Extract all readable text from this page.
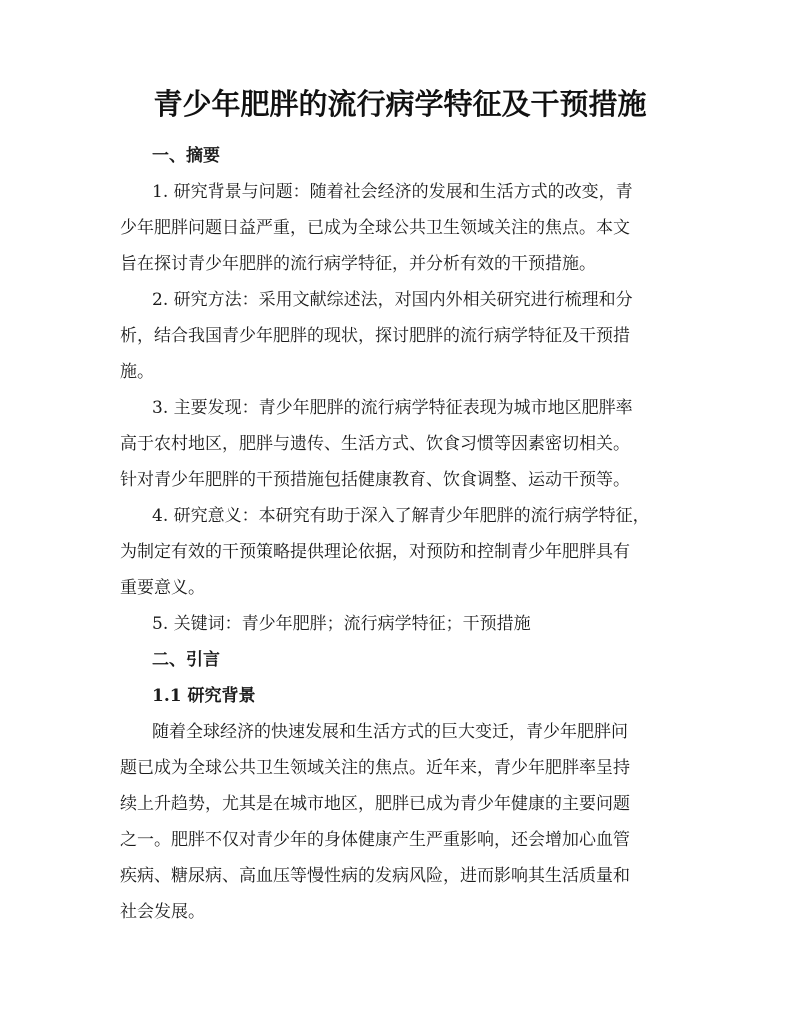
青少年肥胖的流行病学特征及干预措施
一、摘要

1. 研究背景与问题：随着社会经济的发展和生活方式的改变，青
少年肥胖问题日益严重，已成为全球公共卫生领域关注的焦点。本文
旨在探讨青少年肥胖的流行病学特征，并分析有效的干预措施。

2. 研究方法：采用文献综述法，对国内外相关研究进行梳理和分
析，结合我国青少年肥胖的现状，探讨肥胖的流行病学特征及干预措
施。

3. 主要发现：青少年肥胖的流行病学特征表现为城市地区肥胖率
高于农村地区，肥胖与遗传、生活方式、饮食习惯等因素密切相关。
针对青少年肥胖的干预措施包括健康教育、饮食调整、运动干预等。

4. 研究意义：本研究有助于深入了解青少年肥胖的流行病学特征，
为制定有效的干预策略提供理论依据，对预防和控制青少年肥胖具有
重要意义。

5. 关键词：青少年肥胖；流行病学特征；干预措施

二、引言
1.1 研究背景

随着全球经济的快速发展和生活方式的巨大变迁，青少年肥胖问
题已成为全球公共卫生领域关注的焦点。近年来，青少年肥胖率呈持
续上升趋势，尤其是在城市地区，肥胖已成为青少年健康的主要问题
之一。肥胖不仅对青少年的身体健康产生严重影响，还会增加心血管
疾病、糖尿病、高血压等慢性病的发病风险，进而影响其生活质量和
社会发展。
